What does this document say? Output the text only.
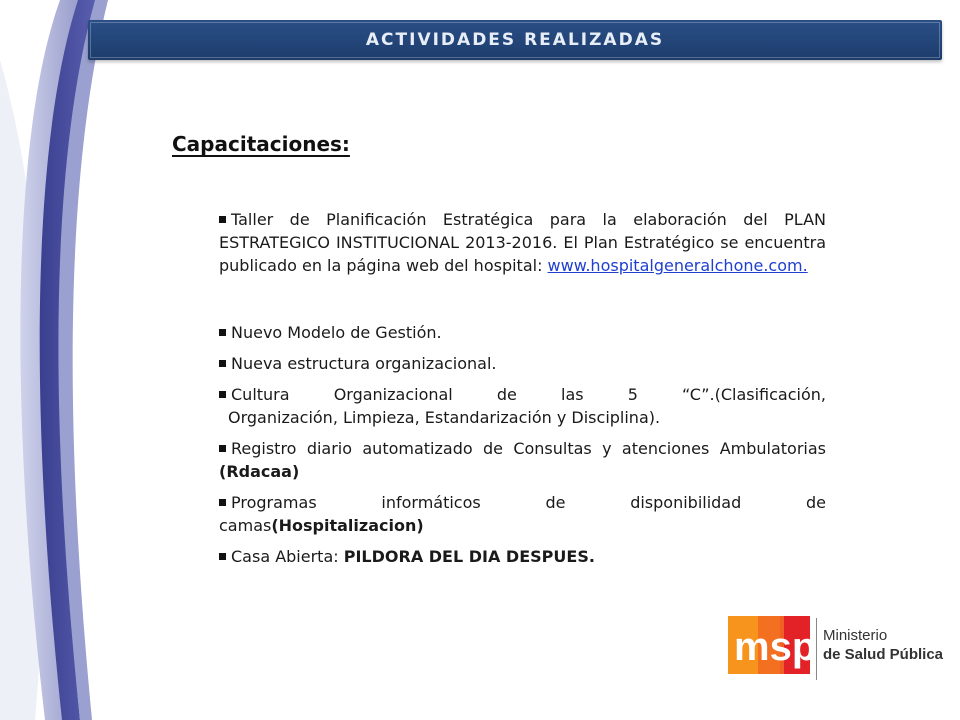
ACTIVIDADES REALIZADAS
Capacitaciones:

Taller de Planificación Estratégica para la elaboración del PLAN ESTRATEGICO INSTITUCIONAL 2013-2016. El Plan Estratégico se encuentra publicado en la página web del hospital: www.hospitalgeneralchone.com.

Nuevo Modelo de Gestión.

Nueva estructura organizacional.

Cultura Organizacional de las 5 “C”.(Clasificación,
Organización, Limpieza, Estandarización y Disciplina).

Registro diario automatizado de Consultas y atenciones Ambulatorias (Rdacaa)

Programas informáticos de disponibilidad de
camas(Hospitalizacion)

Casa Abierta: PILDORA DEL DIA DESPUES.

msp Ministerio
de Salud Pública
